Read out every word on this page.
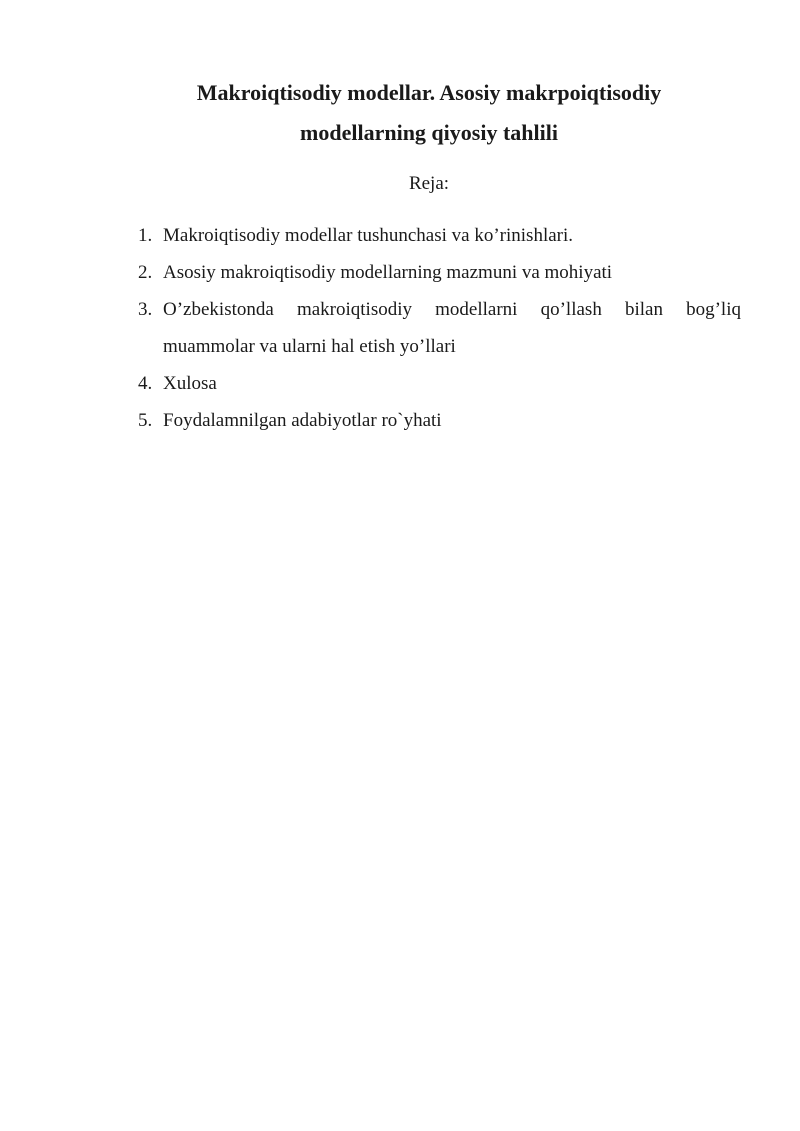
Makroiqtisodiy modellar. Asosiy makrpoiqtisodiy
modellarning qiyosiy tahlili

Reja:

1. Makroiqtisodiy modellar tushunchasi va ko’rinishlari.
2. Asosiy makroiqtisodiy modellarning mazmuni va mohiyati
3. O’zbekistonda makroiqtisodiy modellarni qo’llash bilan bog’liq muammolar va ularni hal etish yo’llari
4. Xulosa
5. Foydalamnilgan adabiyotlar ro`yhati
